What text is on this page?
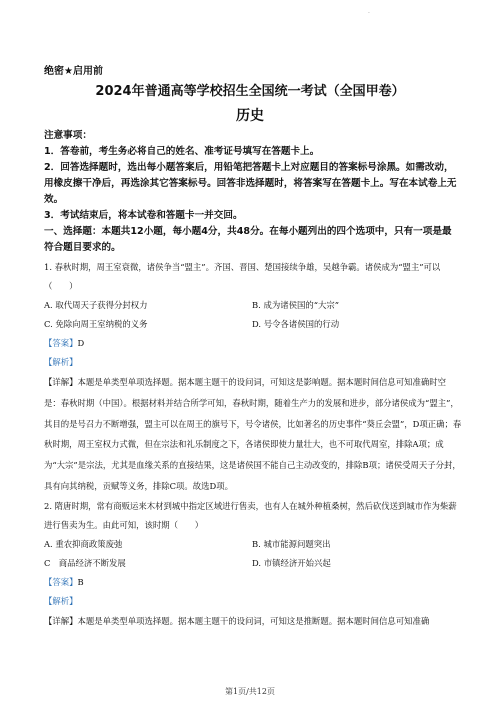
·
绝密★启用前
2024年普通高等学校招生全国统一考试（全国甲卷）
历史

注意事项：

1．答卷前，考生务必将自己的姓名、准考证号填写在答题卡上。

2．回答选择题时，选出每小题答案后，用铅笔把答题卡上对应题目的答案标号涂黑。如需改动，用橡皮擦干净后，再选涂其它答案标号。回答非选择题时，将答案写在答题卡上。写在本试卷上无效。

3．考试结束后，将本试卷和答题卡一并交回。

一、选择题：本题共12小题，每小题4分，共48分。在每小题列出的四个选项中，只有一项是最符合题目要求的。

1. 春秋时期，周王室衰微，诸侯争当“盟主”。齐国、晋国、楚国接续争雄，吴越争霸。诸侯成为“盟主”可以（　　）

A. 取代周天子获得分封权力	B. 成为诸侯国的“大宗”
C. 免除向周王室纳税的义务	D. 号令各诸侯国的行动

【答案】D

【解析】

【详解】本题是单类型单项选择题。据本题主题干的设问词，可知这是影响题。据本题时间信息可知准确时空是：春秋时期（中国）。根据材料并结合所学可知，春秋时期，随着生产力的发展和进步，部分诸侯成为“盟主”，其目的是号召力不断增强，盟主可以在周王的旗号下，号令诸侯，比如著名的历史事件“葵丘会盟”，D项正确；春秋时期，周王室权力式微，但在宗法和礼乐制度之下，各诸侯即使力量壮大，也不可取代周室，排除A项；成为“大宗”是宗法，尤其是血缘关系的直接结果，这是诸侯国不能自己主动改变的，排除B项；诸侯受周天子分封，具有向其纳税，贡赋等义务，排除C项。故选D项。

2. 隋唐时期，常有商贩运来木材到城中指定区域进行售卖，也有人在城外种植桑树，然后砍伐送到城市作为柴薪进行售卖为生。由此可知，该时期（　　）

A. 重农抑商政策废弛	B. 城市能源问题突出
C　商品经济不断发展	D. 市镇经济开始兴起

【答案】B

【解析】

【详解】本题是单类型单项选择题。据本题主题干的设问词，可知这是推断题。据本题时间信息可知准确

第1页/共12页
